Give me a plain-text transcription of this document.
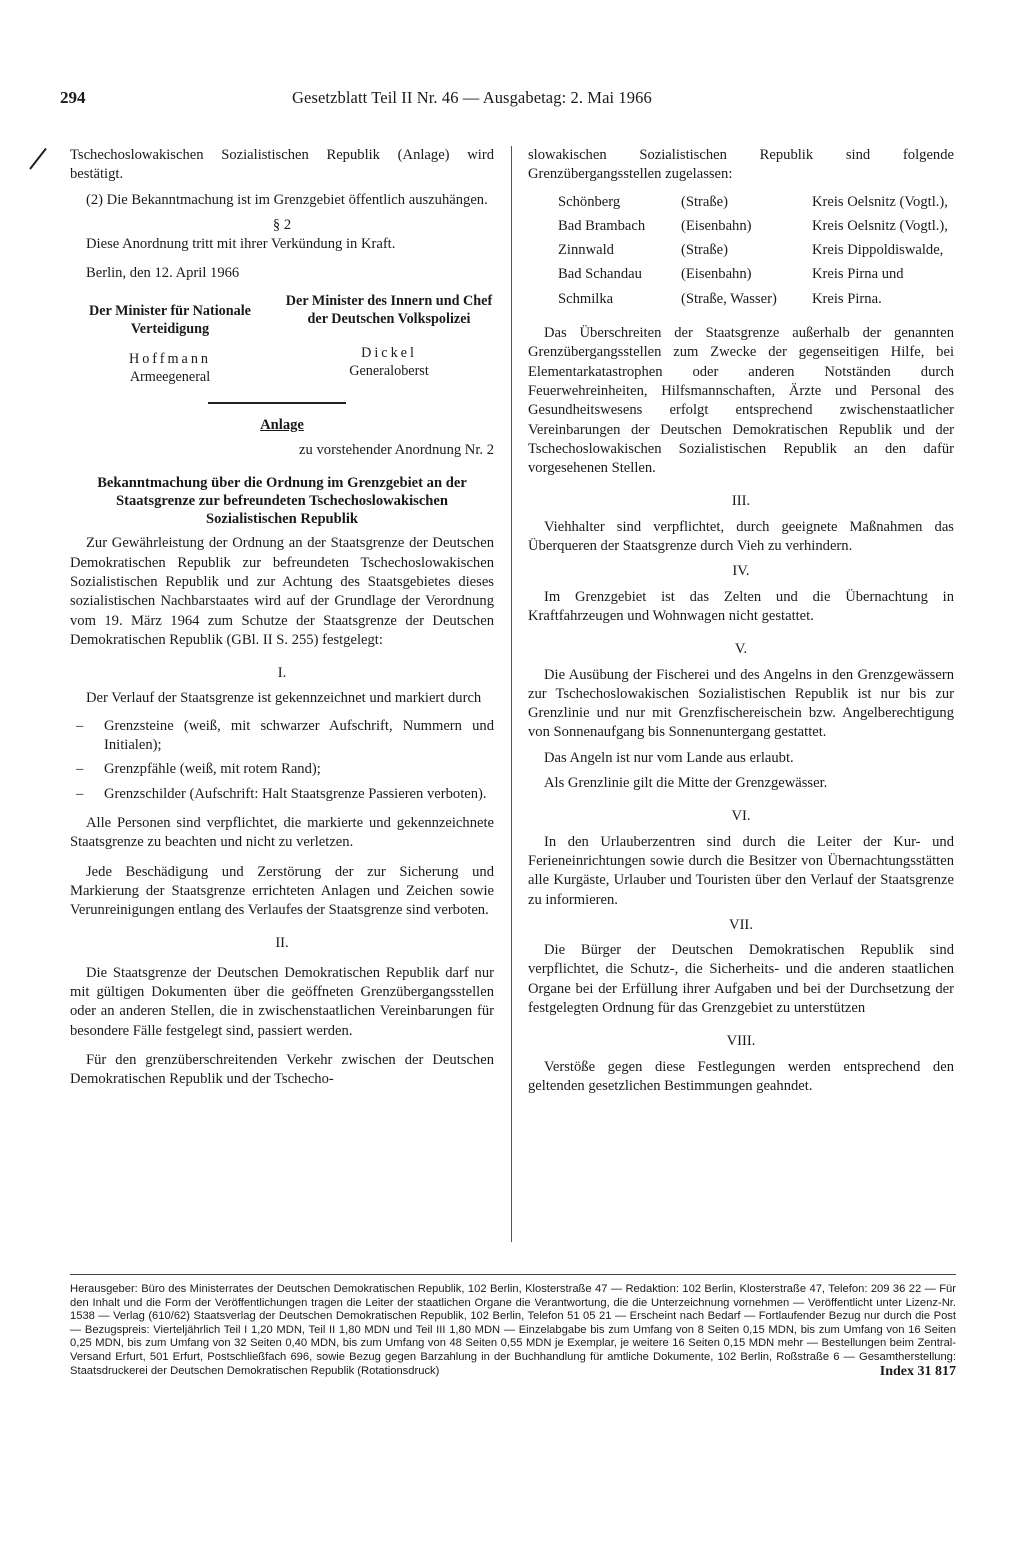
294	Gesetzblatt Teil II Nr. 46 — Ausgabetag: 2. Mai 1966

Tschechoslowakischen Sozialistischen Republik (Anlage) wird bestätigt.

(2) Die Bekanntmachung ist im Grenzgebiet öffentlich auszuhängen.

§ 2

Diese Anordnung tritt mit ihrer Verkündung in Kraft.

Berlin, den 12. April 1966

Der Minister für Nationale Verteidigung
Der Minister des Innern und Chef der Deutschen Volkspolizei
Hoffmann
Armeegeneral
Dickel
Generaloberst
Anlage

zu vorstehender Anordnung Nr. 2

Bekanntmachung über die Ordnung im Grenzgebiet an der Staatsgrenze zur befreundeten Tschechoslowakischen Sozialistischen Republik

Zur Gewährleistung der Ordnung an der Staatsgrenze der Deutschen Demokratischen Republik zur befreundeten Tschechoslowakischen Sozialistischen Republik und zur Achtung des Staatsgebietes dieses sozialistischen Nachbarstaates wird auf der Grundlage der Verordnung vom 19. März 1964 zum Schutze der Staatsgrenze der Deutschen Demokratischen Republik (GBl. II S. 255) festgelegt:

I.

Der Verlauf der Staatsgrenze ist gekennzeichnet und markiert durch

–	Grenzsteine (weiß, mit schwarzer Aufschrift, Nummern und Initialen);
–	Grenzpfähle (weiß, mit rotem Rand);
–	Grenzschilder (Aufschrift: Halt Staatsgrenze Passieren verboten).

Alle Personen sind verpflichtet, die markierte und gekennzeichnete Staatsgrenze zu beachten und nicht zu verletzen.

Jede Beschädigung und Zerstörung der zur Sicherung und Markierung der Staatsgrenze errichteten Anlagen und Zeichen sowie Verunreinigungen entlang des Verlaufes der Staatsgrenze sind verboten.

II.

Die Staatsgrenze der Deutschen Demokratischen Republik darf nur mit gültigen Dokumenten über die geöffneten Grenzübergangsstellen oder an anderen Stellen, die in zwischenstaatlichen Vereinbarungen für besondere Fälle festgelegt sind, passiert werden.

Für den grenzüberschreitenden Verkehr zwischen der Deutschen Demokratischen Republik und der Tschecho-

slowakischen Sozialistischen Republik sind folgende Grenzübergangsstellen zugelassen:

Schönberg	(Straße)	Kreis Oelsnitz (Vogtl.),
Bad Brambach	(Eisenbahn)	Kreis Oelsnitz (Vogtl.),
Zinnwald	(Straße)	Kreis Dippoldiswalde,
Bad Schandau	(Eisenbahn)	Kreis Pirna und
Schmilka	(Straße, Wasser)	Kreis Pirna.

Das Überschreiten der Staatsgrenze außerhalb der genannten Grenzübergangsstellen zum Zwecke der gegenseitigen Hilfe, bei Elementarkatastrophen oder anderen Notständen durch Feuerwehreinheiten, Hilfsmannschaften, Ärzte und Personal des Gesundheitswesens erfolgt entsprechend zwischenstaatlicher Vereinbarungen der Deutschen Demokratischen Republik und der Tschechoslowakischen Sozialistischen Republik an den dafür vorgesehenen Stellen.

III.

Viehhalter sind verpflichtet, durch geeignete Maßnahmen das Überqueren der Staatsgrenze durch Vieh zu verhindern.

IV.

Im Grenzgebiet ist das Zelten und die Übernachtung in Kraftfahrzeugen und Wohnwagen nicht gestattet.

V.

Die Ausübung der Fischerei und des Angelns in den Grenzgewässern zur Tschechoslowakischen Sozialistischen Republik ist nur bis zur Grenzlinie und nur mit Grenzfischereischein bzw. Angelberechtigung von Sonnenaufgang bis Sonnenuntergang gestattet.

Das Angeln ist nur vom Lande aus erlaubt.

Als Grenzlinie gilt die Mitte der Grenzgewässer.

VI.

In den Urlauberzentren sind durch die Leiter der Kur- und Ferieneinrichtungen sowie durch die Besitzer von Übernachtungsstätten alle Kurgäste, Urlauber und Touristen über den Verlauf der Staatsgrenze zu informieren.

VII.

Die Bürger der Deutschen Demokratischen Republik sind verpflichtet, die Schutz-, die Sicherheits- und die anderen staatlichen Organe bei der Erfüllung ihrer Aufgaben und bei der Durchsetzung der festgelegten Ordnung für das Grenzgebiet zu unterstützen

VIII.

Verstöße gegen diese Festlegungen werden entsprechend den geltenden gesetzlichen Bestimmungen geahndet.

Herausgeber: Büro des Ministerrates der Deutschen Demokratischen Republik, 102 Berlin, Klosterstraße 47 — Redaktion: 102 Berlin, Klosterstraße 47, Telefon: 209 36 22 — Für den Inhalt und die Form der Veröffentlichungen tragen die Leiter der staatlichen Organe die Verantwortung, die die Unterzeichnung vornehmen — Veröffentlicht unter Lizenz-Nr. 1538 — Verlag (610/62) Staatsverlag der Deutschen Demokratischen Republik, 102 Berlin, Telefon 51 05 21 — Erscheint nach Bedarf — Fortlaufender Bezug nur durch die Post — Bezugspreis: Vierteljährlich Teil I 1,20 MDN, Teil II 1,80 MDN und Teil III 1,80 MDN — Einzelabgabe bis zum Umfang von 8 Seiten 0,15 MDN, bis zum Umfang von 16 Seiten 0,25 MDN, bis zum Umfang von 32 Seiten 0,40 MDN, bis zum Umfang von 48 Seiten 0,55 MDN je Exemplar, je weitere 16 Seiten 0,15 MDN mehr — Bestellungen beim Zentral-Versand Erfurt, 501 Erfurt, Postschließfach 696, sowie Bezug gegen Barzahlung in der Buchhandlung für amtliche Dokumente, 102 Berlin, Roßstraße 6 — Gesamtherstellung: Staatsdruckerei der Deutschen Demokratischen Republik (Rotationsdruck)	Index 31 817
